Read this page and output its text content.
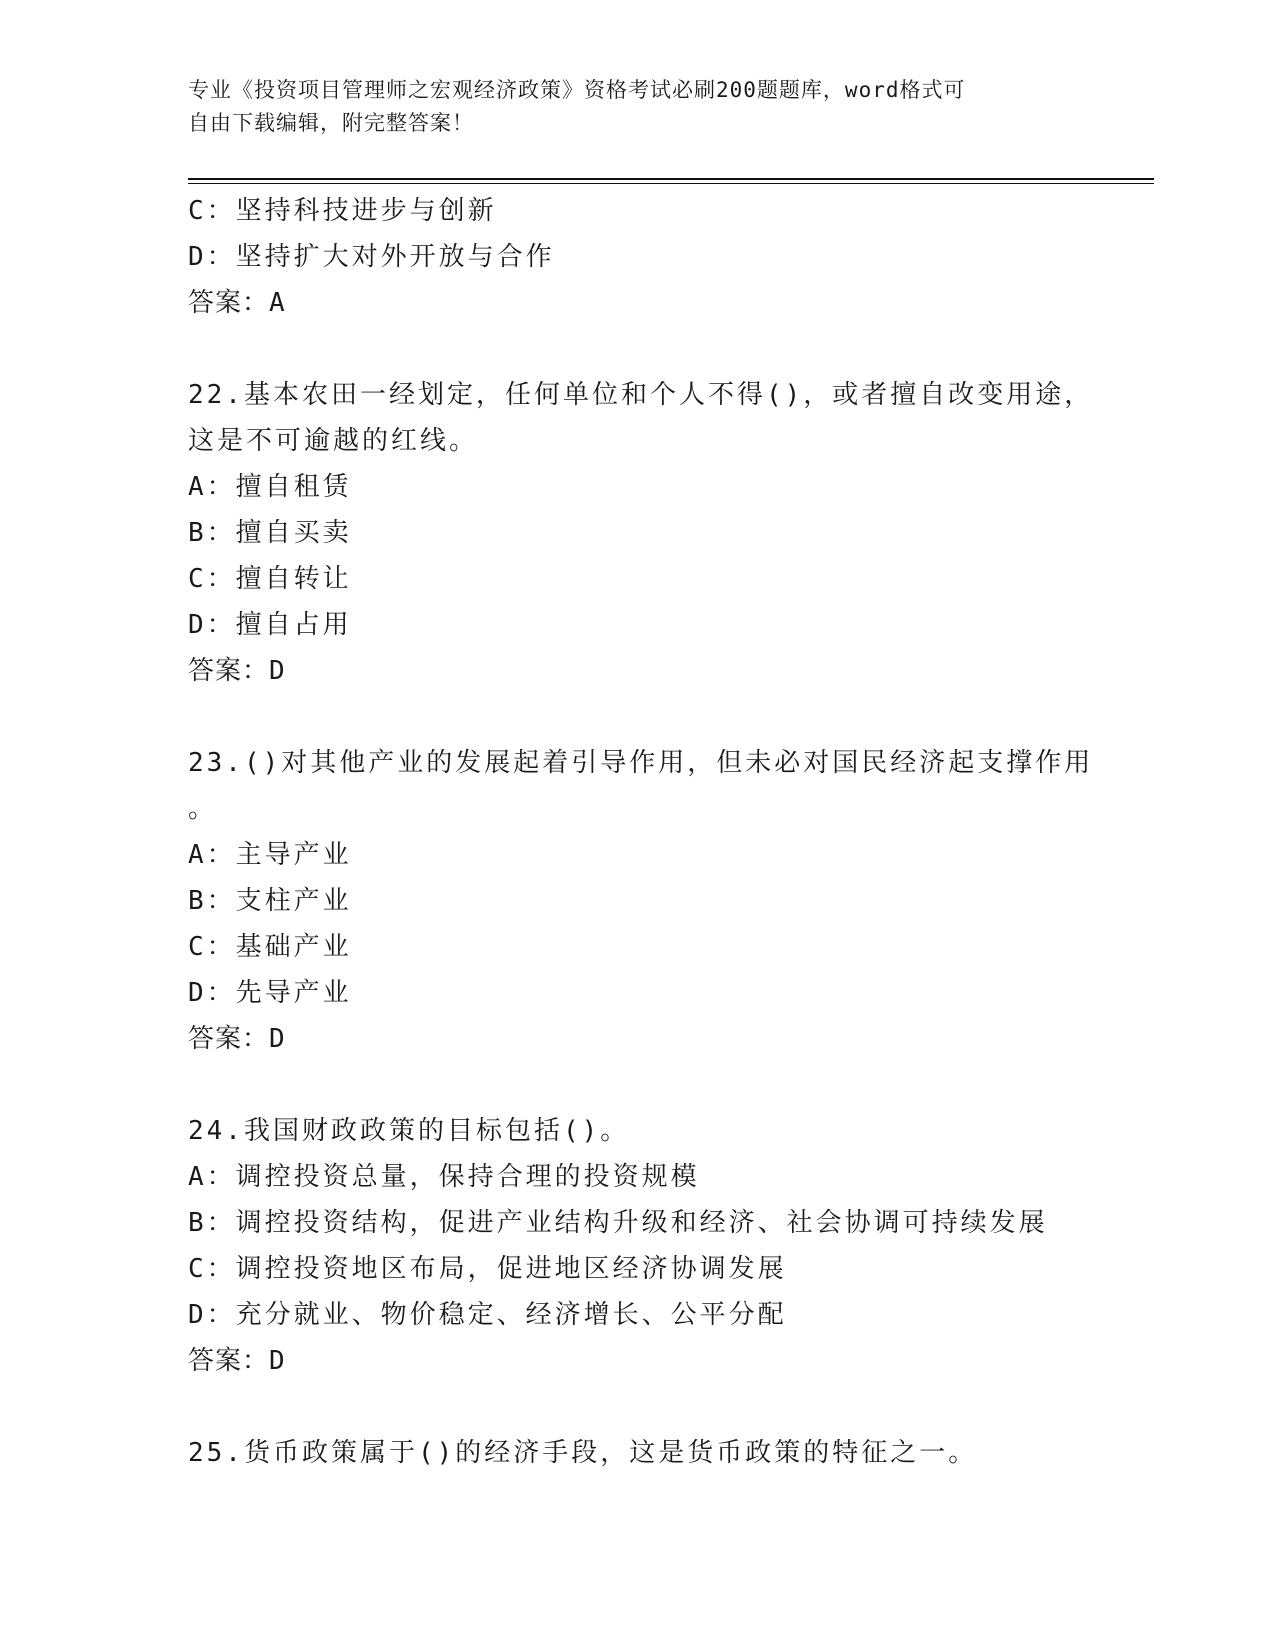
专业《投资项目管理师之宏观经济政策》资格考试必刷200题题库，word格式可
自由下载编辑，附完整答案！
C：坚持科技进步与创新
D：坚持扩大对外开放与合作
答案：A
22.基本农田一经划定，任何单位和个人不得()，或者擅自改变用途，
这是不可逾越的红线。
A：擅自租赁
B：擅自买卖
C：擅自转让
D：擅自占用
答案：D
23.()对其他产业的发展起着引导作用，但未必对国民经济起支撑作用
。
A：主导产业
B：支柱产业
C：基础产业
D：先导产业
答案：D
24.我国财政政策的目标包括()。
A：调控投资总量，保持合理的投资规模
B：调控投资结构，促进产业结构升级和经济、社会协调可持续发展
C：调控投资地区布局，促进地区经济协调发展
D：充分就业、物价稳定、经济增长、公平分配
答案：D
25.货币政策属于()的经济手段，这是货币政策的特征之一。
